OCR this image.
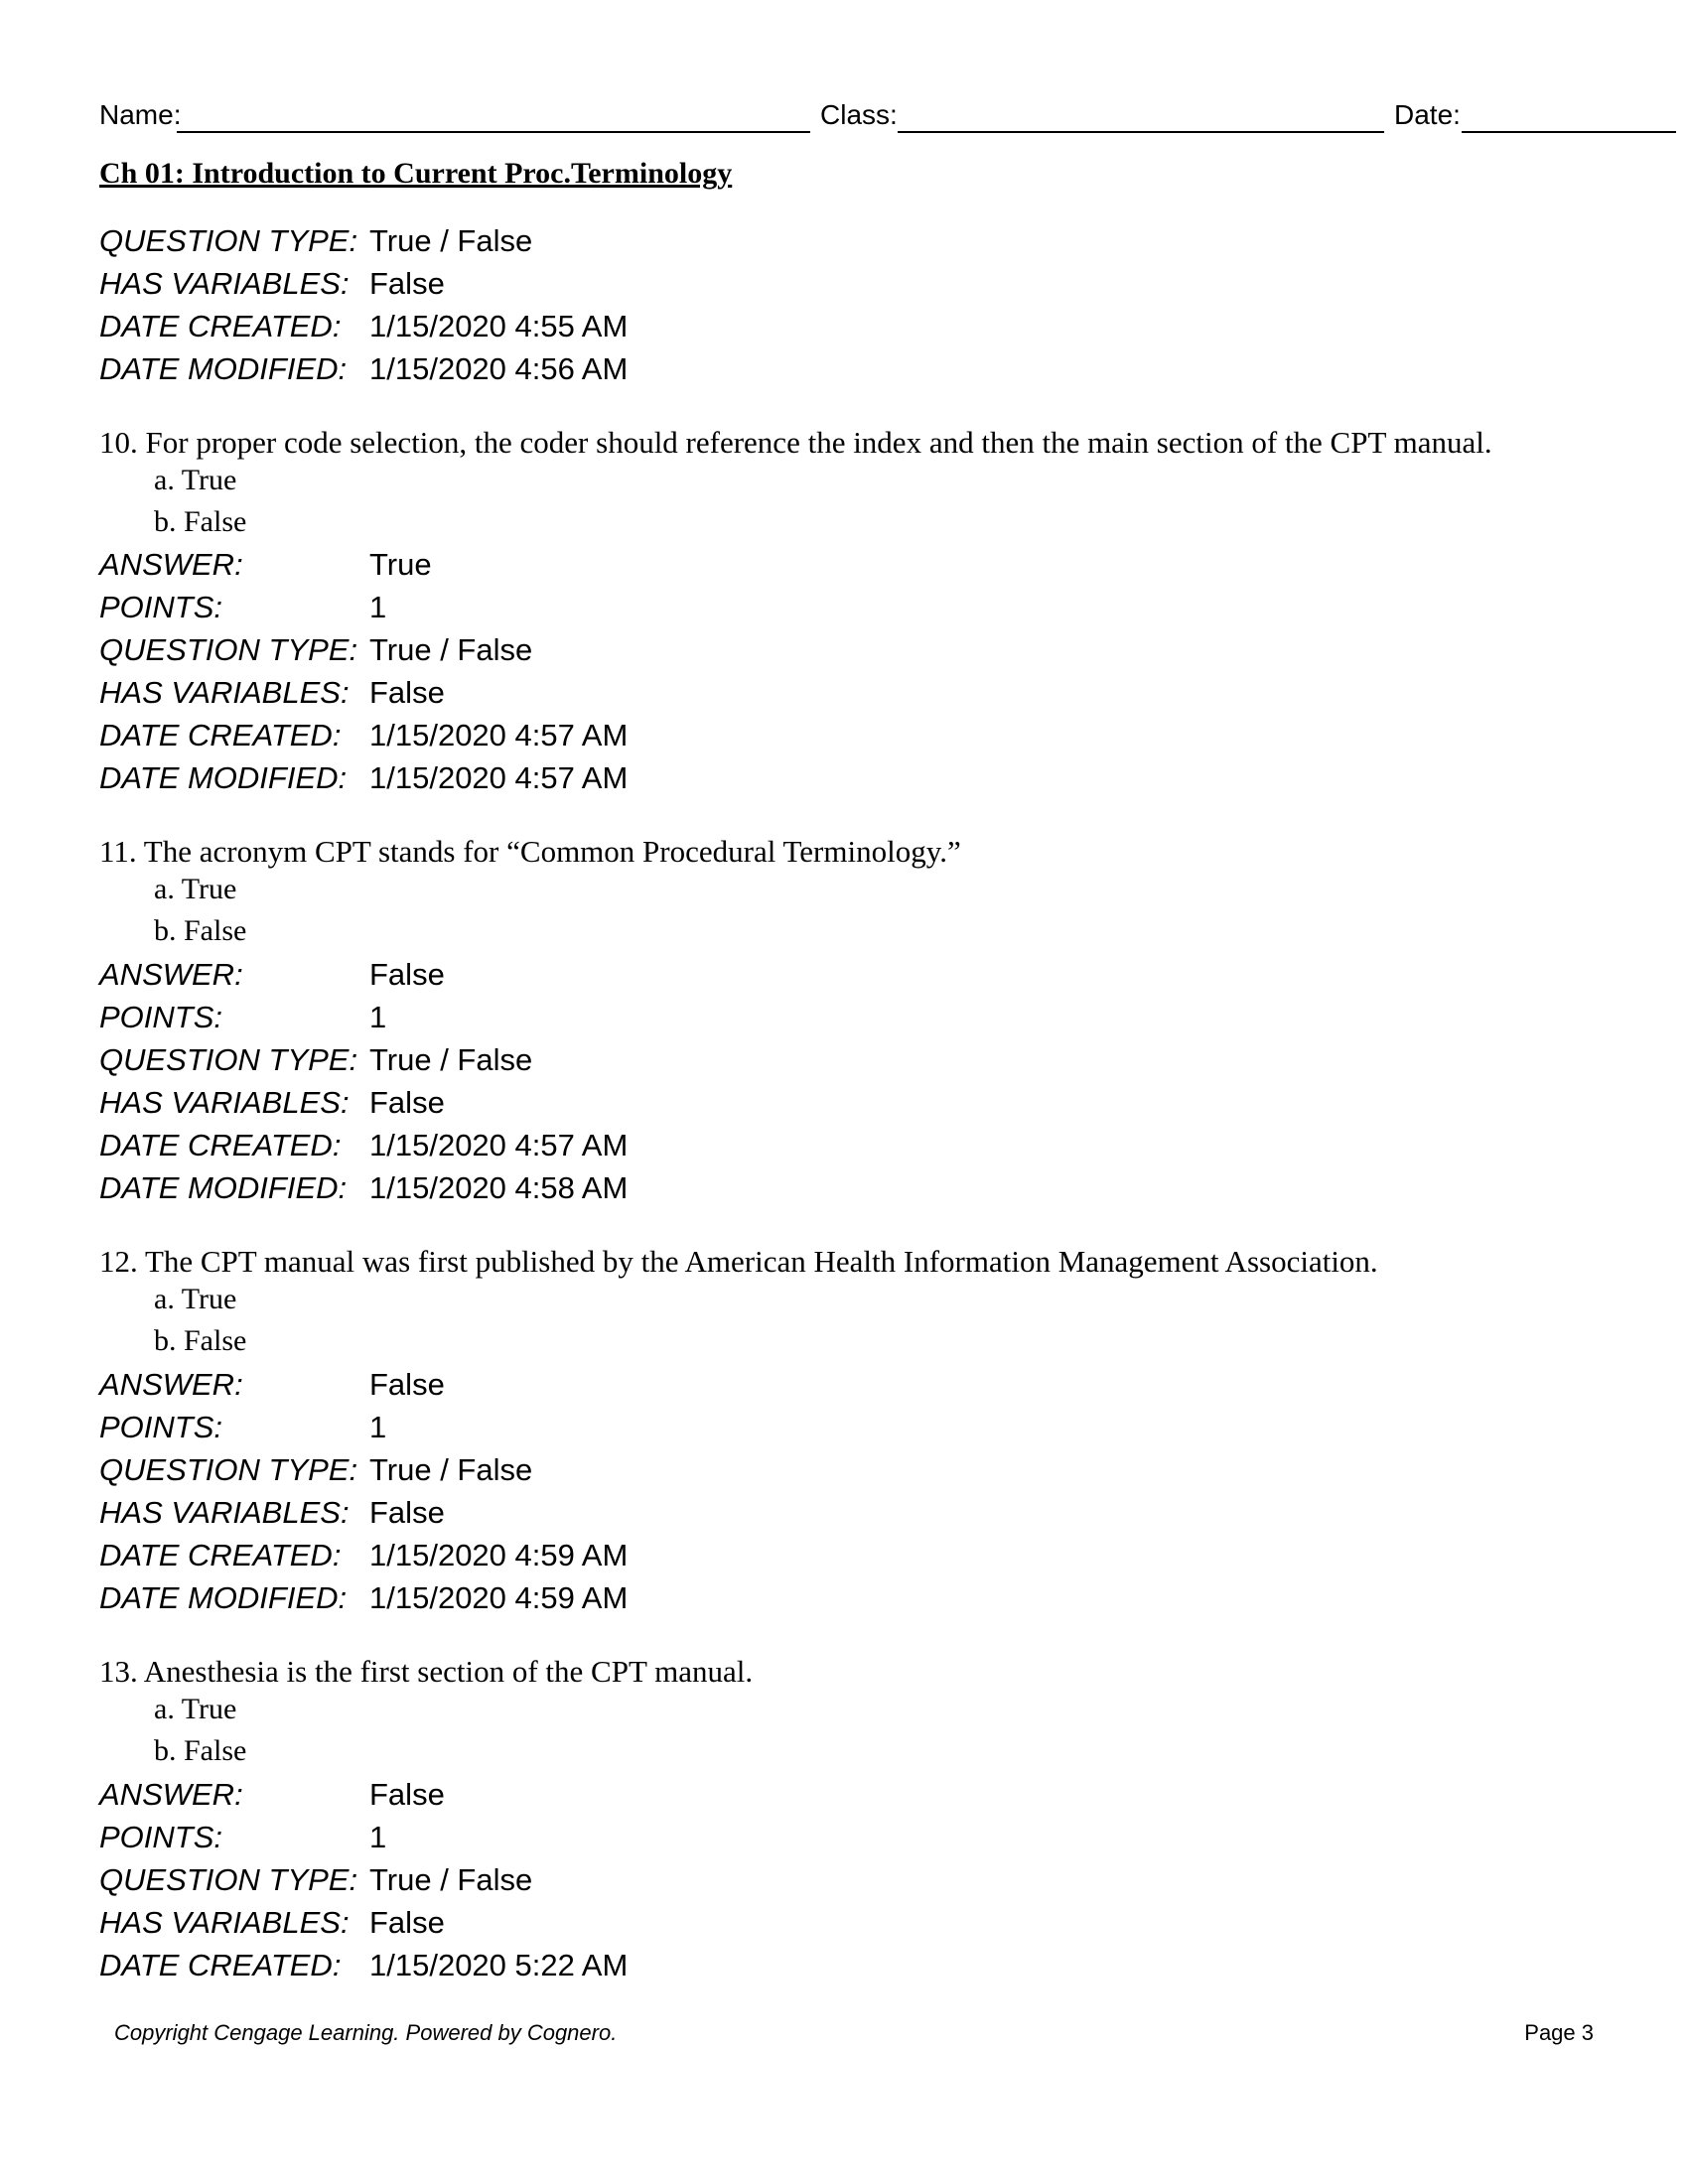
Name:	Class:	Date:
Ch 01: Introduction to Current Proc.Terminology
QUESTION TYPE: True / False
HAS VARIABLES: False
DATE CREATED: 1/15/2020 4:55 AM
DATE MODIFIED: 1/15/2020 4:56 AM
10. For proper code selection, the coder should reference the index and then the main section of the CPT manual.
a. True
b. False
ANSWER:	True
POINTS:	1
QUESTION TYPE: True / False
HAS VARIABLES: False
DATE CREATED: 1/15/2020 4:57 AM
DATE MODIFIED: 1/15/2020 4:57 AM
11. The acronym CPT stands for “Common Procedural Terminology.”
a. True
b. False
ANSWER:	False
POINTS:	1
QUESTION TYPE: True / False
HAS VARIABLES: False
DATE CREATED: 1/15/2020 4:57 AM
DATE MODIFIED: 1/15/2020 4:58 AM
12. The CPT manual was first published by the American Health Information Management Association.
a. True
b. False
ANSWER:	False
POINTS:	1
QUESTION TYPE: True / False
HAS VARIABLES: False
DATE CREATED: 1/15/2020 4:59 AM
DATE MODIFIED: 1/15/2020 4:59 AM
13. Anesthesia is the first section of the CPT manual.
a. True
b. False
ANSWER:	False
POINTS:	1
QUESTION TYPE: True / False
HAS VARIABLES: False
DATE CREATED: 1/15/2020 5:22 AM
Copyright Cengage Learning. Powered by Cognero.	Page 3
